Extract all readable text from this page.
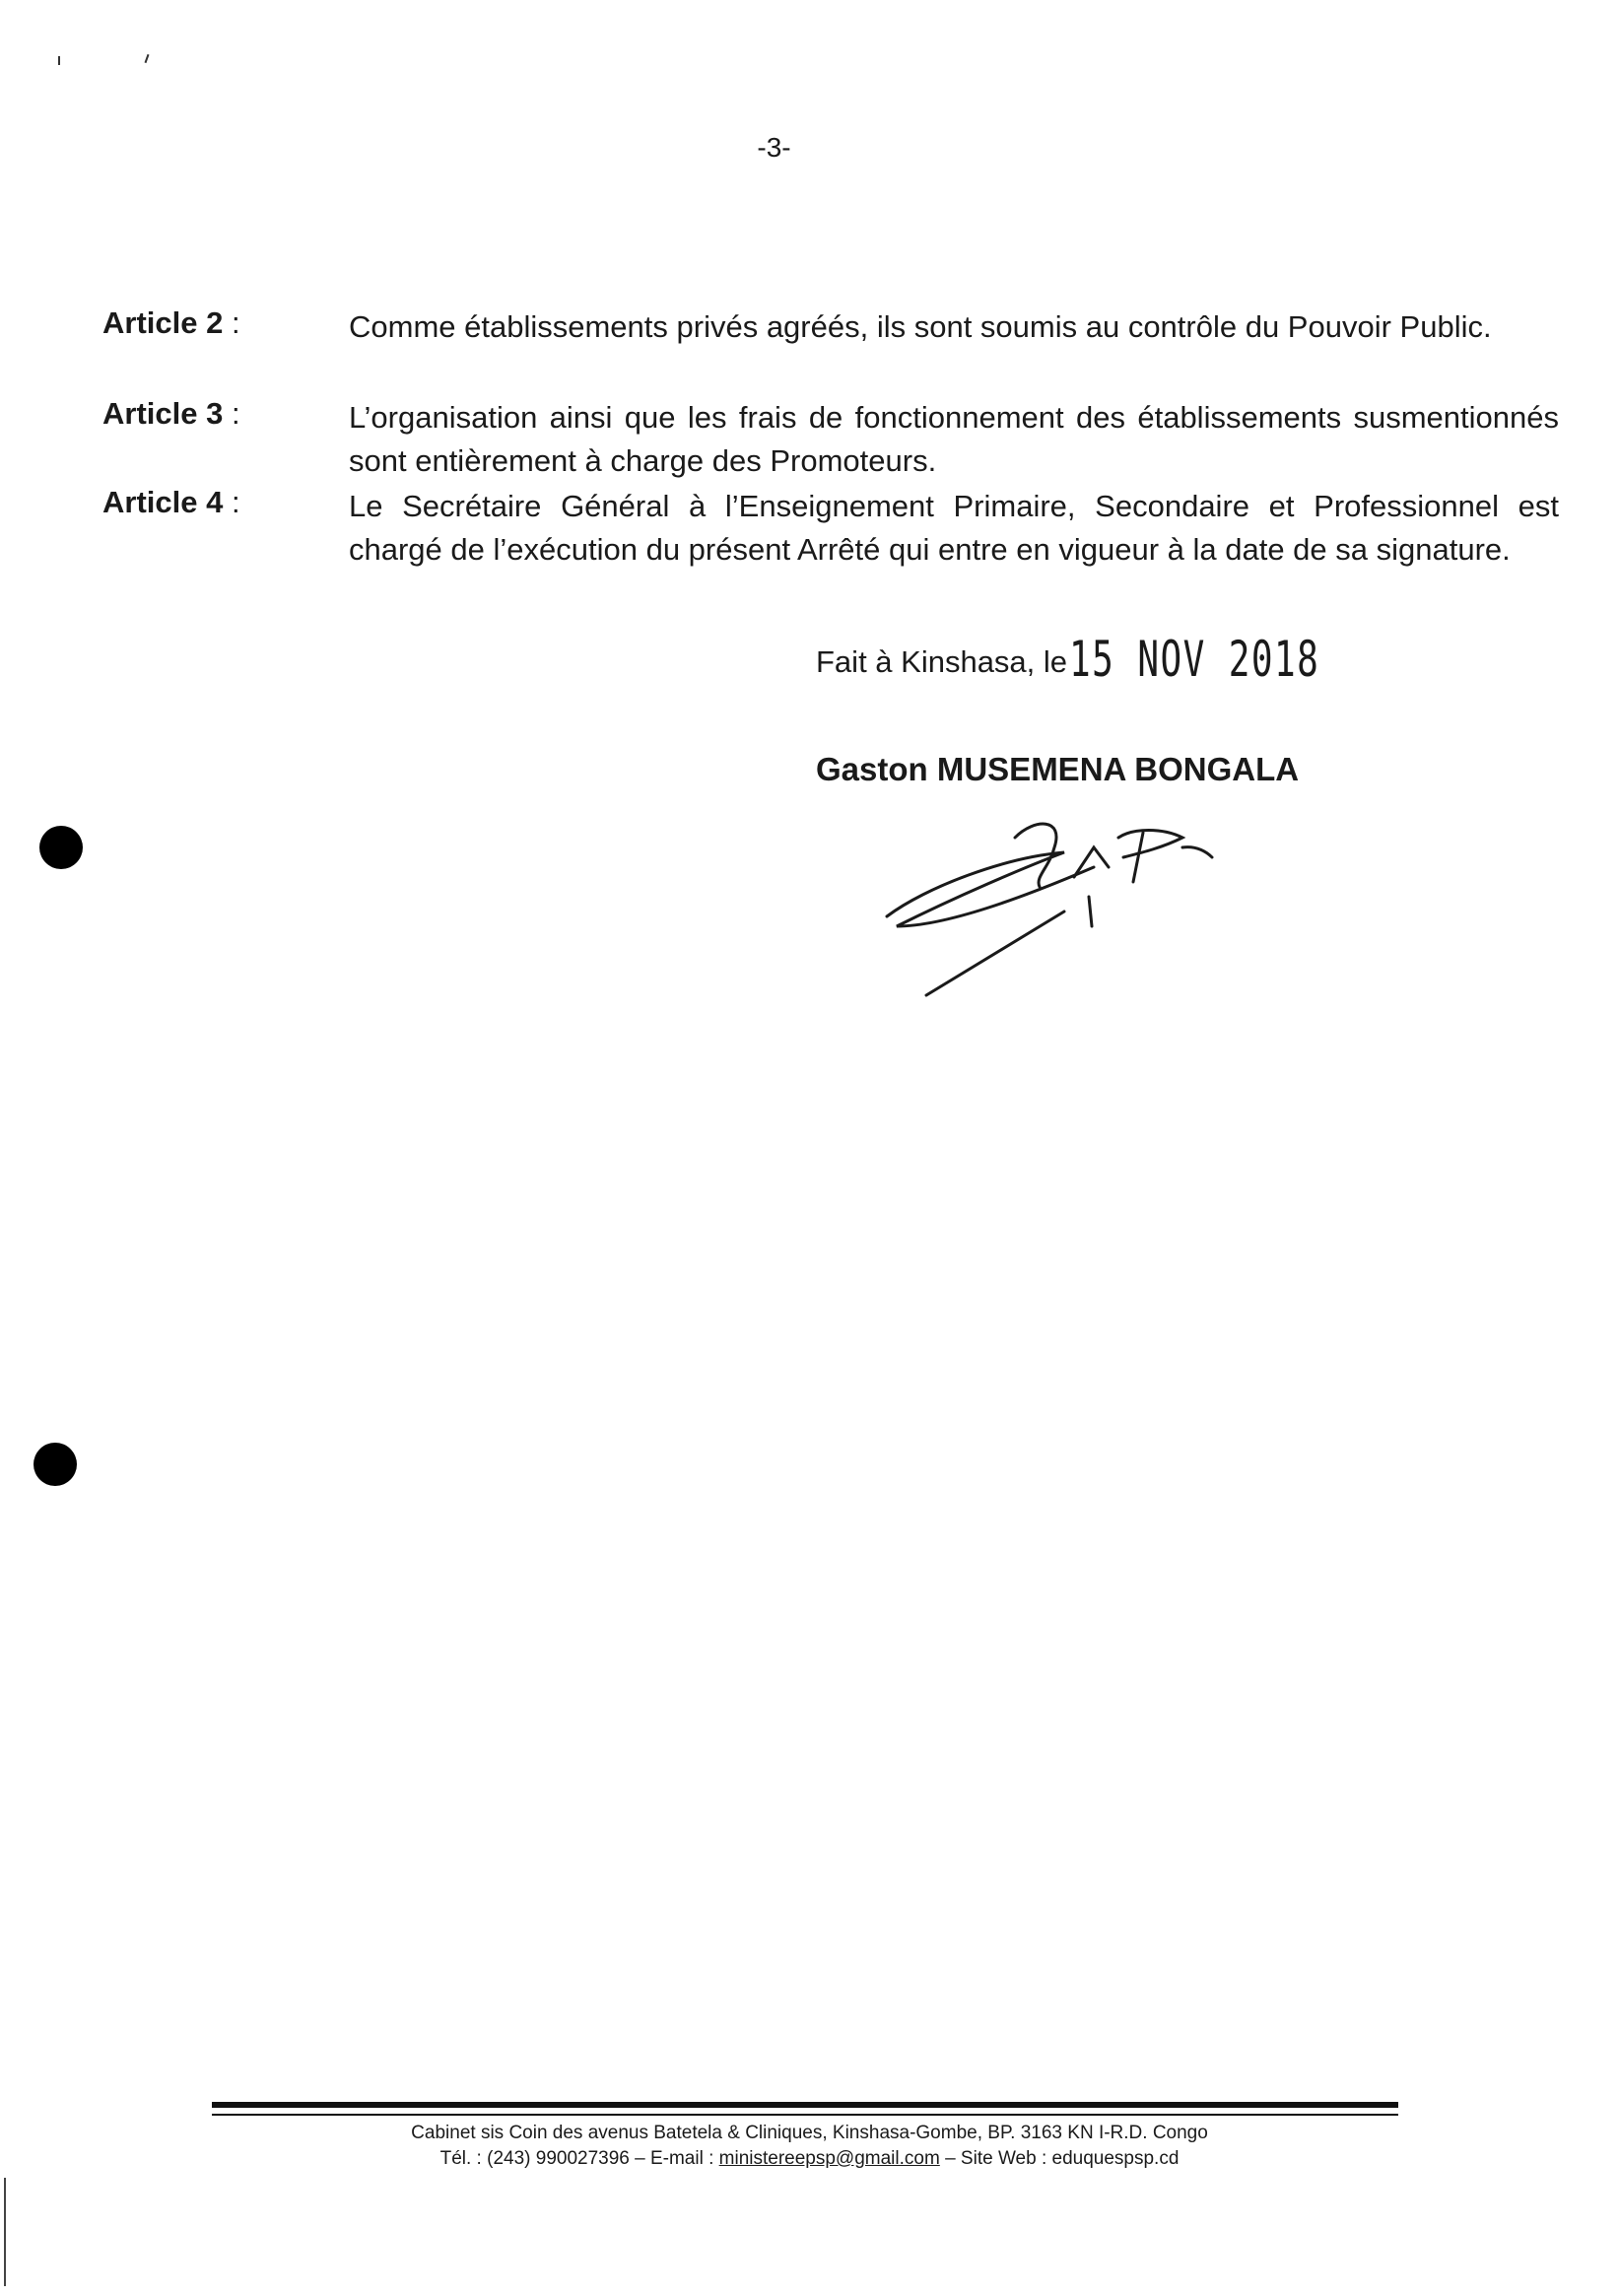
-3-
Article 2 :	Comme établissements privés agréés, ils sont soumis au contrôle du Pouvoir Public.
Article 3 :	L’organisation ainsi que les frais de fonctionnement des établissements susmentionnés sont entièrement à charge des Promoteurs.
Article 4 :	Le Secrétaire Général à l’Enseignement Primaire, Secondaire et Professionnel est chargé de l’exécution du présent Arrêté qui entre en vigueur à la date de sa signature.
Fait à Kinshasa, le15 NOV 2018
Gaston MUSEMENA BONGALA
Cabinet sis Coin des avenus Batetela & Cliniques, Kinshasa-Gombe, BP. 3163 KN I-R.D. Congo
Tél. : (243) 990027396 – E-mail : ministereepsp@gmail.com – Site Web : eduquespsp.cd
